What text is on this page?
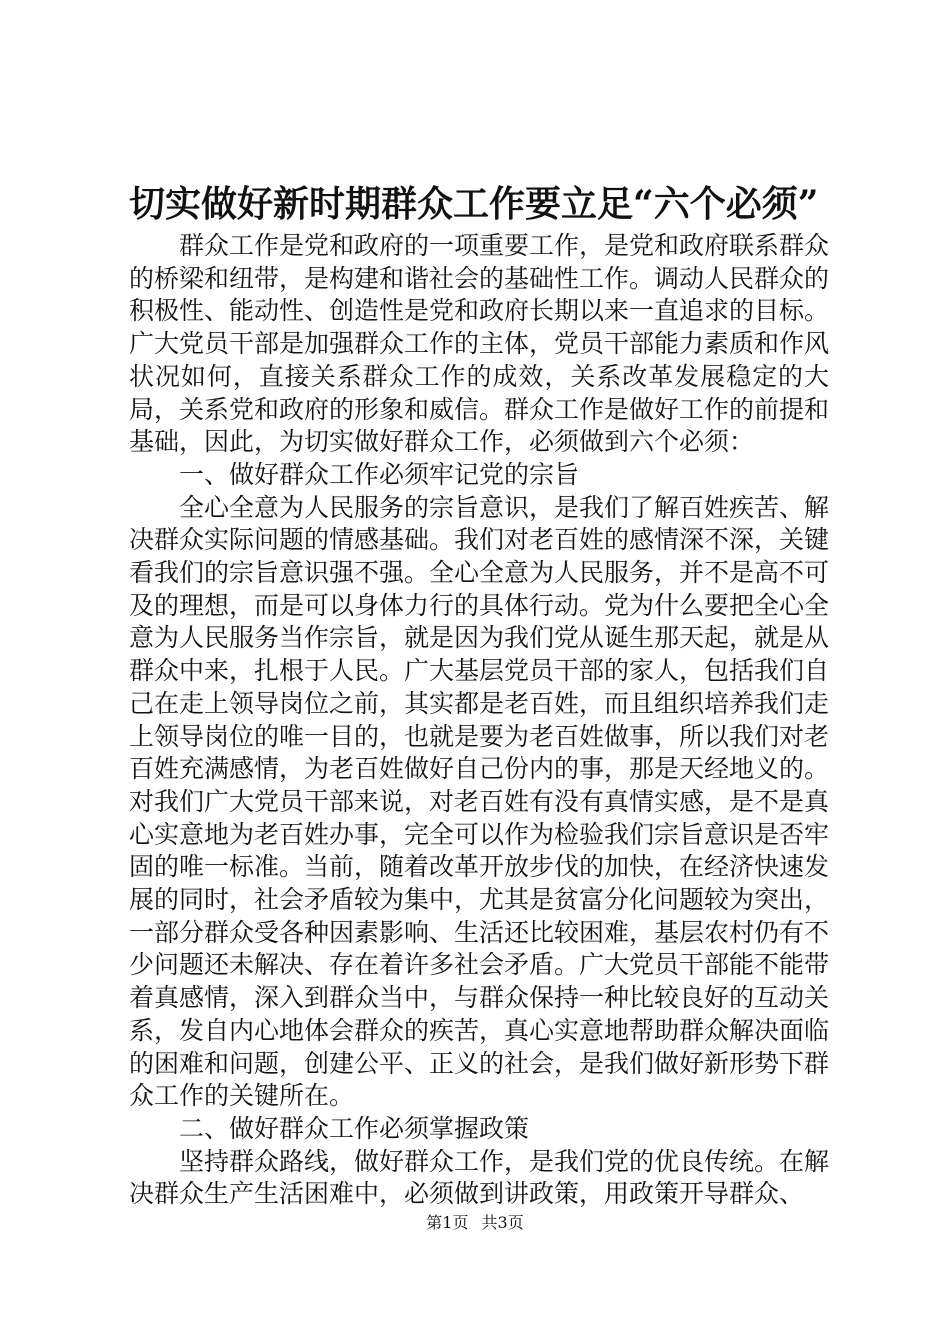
切实做好新时期群众工作要立足“六个必须”

群众工作是党和政府的一项重要工作，是党和政府联系群众的桥梁和纽带，是构建和谐社会的基础性工作。调动人民群众的积极性、能动性、创造性是党和政府长期以来一直追求的目标。广大党员干部是加强群众工作的主体，党员干部能力素质和作风状况如何，直接关系群众工作的成效，关系改革发展稳定的大局，关系党和政府的形象和威信。群众工作是做好工作的前提和基础，因此，为切实做好群众工作，必须做到六个必须：

一、做好群众工作必须牢记党的宗旨

全心全意为人民服务的宗旨意识，是我们了解百姓疾苦、解决群众实际问题的情感基础。我们对老百姓的感情深不深，关键看我们的宗旨意识强不强。全心全意为人民服务，并不是高不可及的理想，而是可以身体力行的具体行动。党为什么要把全心全意为人民服务当作宗旨，就是因为我们党从诞生那天起，就是从群众中来，扎根于人民。广大基层党员干部的家人，包括我们自己在走上领导岗位之前，其实都是老百姓，而且组织培养我们走上领导岗位的唯一目的，也就是要为老百姓做事，所以我们对老百姓充满感情，为老百姓做好自己份内的事，那是天经地义的。对我们广大党员干部来说，对老百姓有没有真情实感，是不是真心实意地为老百姓办事，完全可以作为检验我们宗旨意识是否牢固的唯一标准。当前，随着改革开放步伐的加快，在经济快速发展的同时，社会矛盾较为集中，尤其是贫富分化问题较为突出，一部分群众受各种因素影响、生活还比较困难，基层农村仍有不少问题还未解决、存在着许多社会矛盾。广大党员干部能不能带着真感情，深入到群众当中，与群众保持一种比较良好的互动关系，发自内心地体会群众的疾苦，真心实意地帮助群众解决面临的困难和问题，创建公平、正义的社会，是我们做好新形势下群众工作的关键所在。

二、做好群众工作必须掌握政策

坚持群众路线，做好群众工作，是我们党的优良传统。在解决群众生产生活困难中，必须做到讲政策，用政策开导群众、

第1页 共3页
